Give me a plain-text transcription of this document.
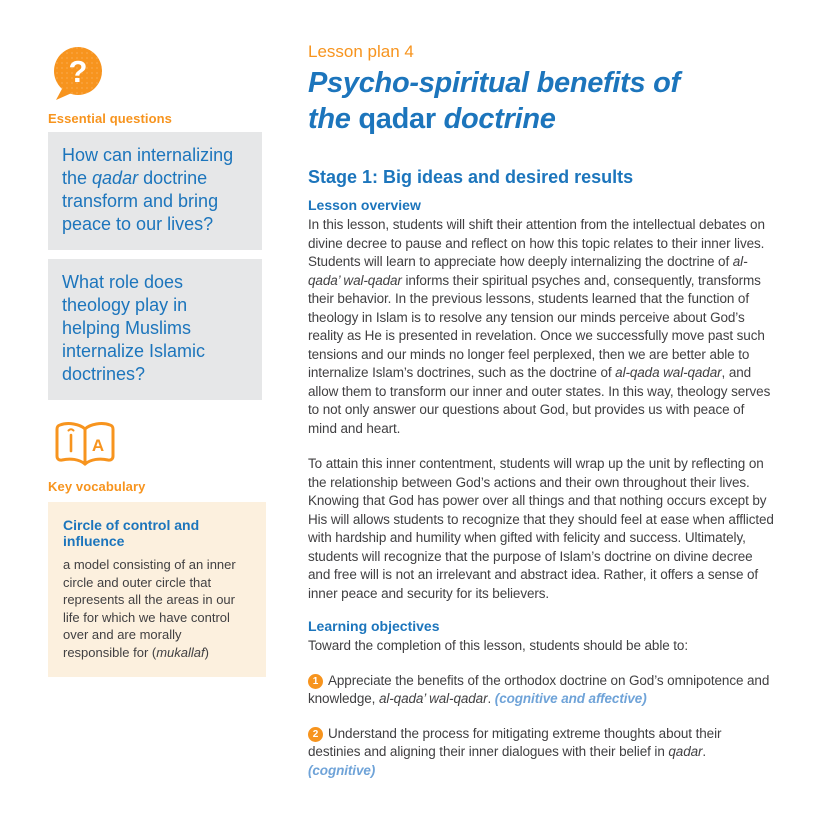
?
Essential questions

How can internalizing the qadar doctrine transform and bring peace to our lives?

What role does theology play in helping Muslims internalize Islamic doctrines?

A
Key vocabulary
Circle of control and influence

a model consisting of an inner circle and outer circle that represents all the areas in our life for which we have control over and are morally responsible for (mukallaf)

Lesson plan 4
Psycho-spiritual benefits of
the qadar doctrine
Stage 1: Big ideas and desired results
Lesson overview

In this lesson, students will shift their attention from the intellectual debates on divine decree to pause and reflect on how this topic relates to their inner lives. Students will learn to appreciate how deeply internalizing the doctrine of al-qada’ wal-qadar informs their spiritual psyches and, consequently, transforms their behavior. In the previous lessons, students learned that the function of theology in Islam is to resolve any tension our minds perceive about God’s reality as He is presented in revelation. Once we successfully move past such tensions and our minds no longer feel perplexed, then we are better able to internalize Islam’s doctrines, such as the doctrine of al-qada wal-qadar, and allow them to transform our inner and outer states. In this way, theology serves to not only answer our questions about God, but provides us with peace of mind and heart.

To attain this inner contentment, students will wrap up the unit by reflecting on the relationship between God’s actions and their own throughout their lives. Knowing that God has power over all things and that nothing occurs except by His will allows students to recognize that they should feel at ease when afflicted with hardship and humility when gifted with felicity and success. Ultimately, students will recognize that the purpose of Islam’s doctrine on divine decree and free will is not an irrelevant and abstract idea. Rather, it offers a sense of inner peace and security for its believers.

Learning objectives

Toward the completion of this lesson, students should be able to:

1 Appreciate the benefits of the orthodox doctrine on God’s omnipotence and knowledge, al-qada’ wal-qadar. (cognitive and affective)

2 Understand the process for mitigating extreme thoughts about their destinies and aligning their inner dialogues with their belief in qadar. (cognitive)
